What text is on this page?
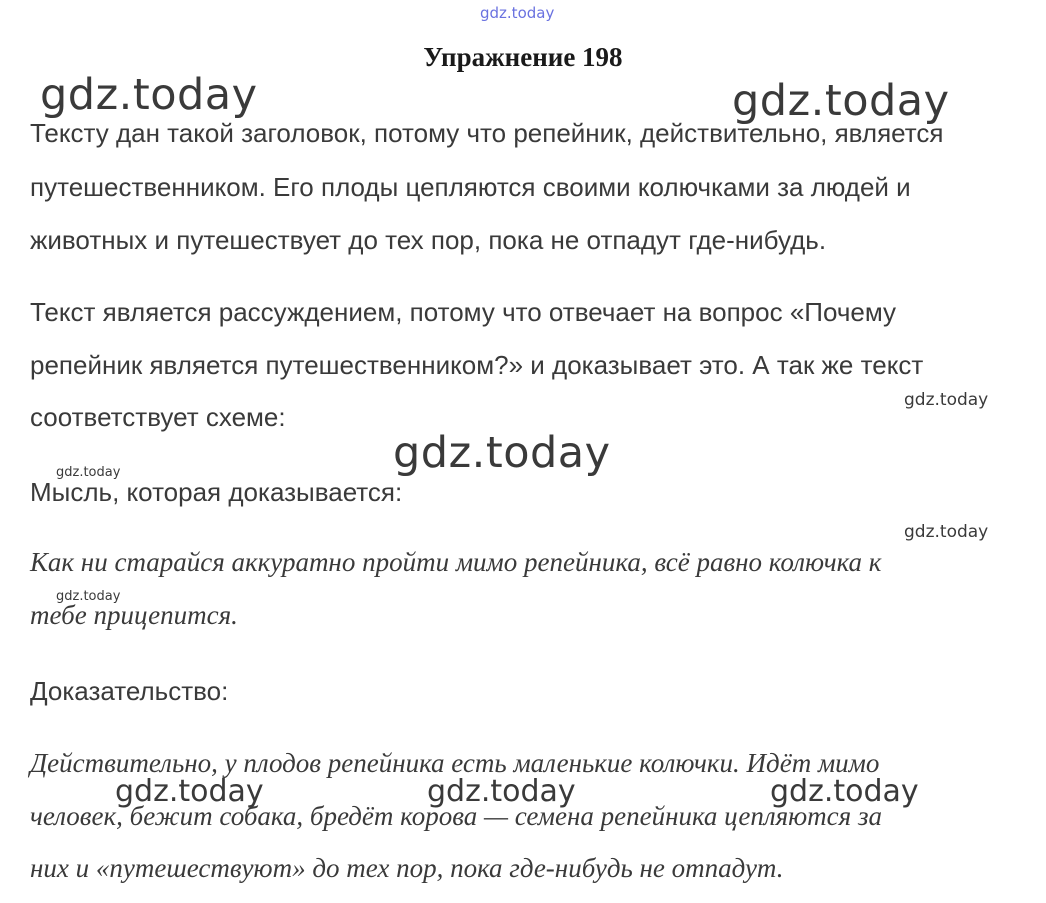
gdz.today
gdz.today	gdz.today
gdz.today
gdz.today
gdz.today
gdz.today
gdz.today
gdz.today	gdz.today	gdz.today
Упражнение 198
Тексту дан такой заголовок, потому что репейник, действительно, является
путешественником. Его плоды цепляются своими колючками за людей и
животных и путешествует до тех пор, пока не отпадут где-нибудь.
Текст является рассуждением, потому что отвечает на вопрос «Почему
репейник является путешественником?» и доказывает это. А так же текст
соответствует схеме:
Мысль, которая доказывается:
Как ни старайся аккуратно пройти мимо репейника, всё равно колючка к
тебе прицепится.
Доказательство:
Действительно, у плодов репейника есть маленькие колючки. Идёт мимо
человек, бежит собака, бредёт корова — семена репейника цепляются за
них и «путешествуют» до тех пор, пока где-нибудь не отпадут.
